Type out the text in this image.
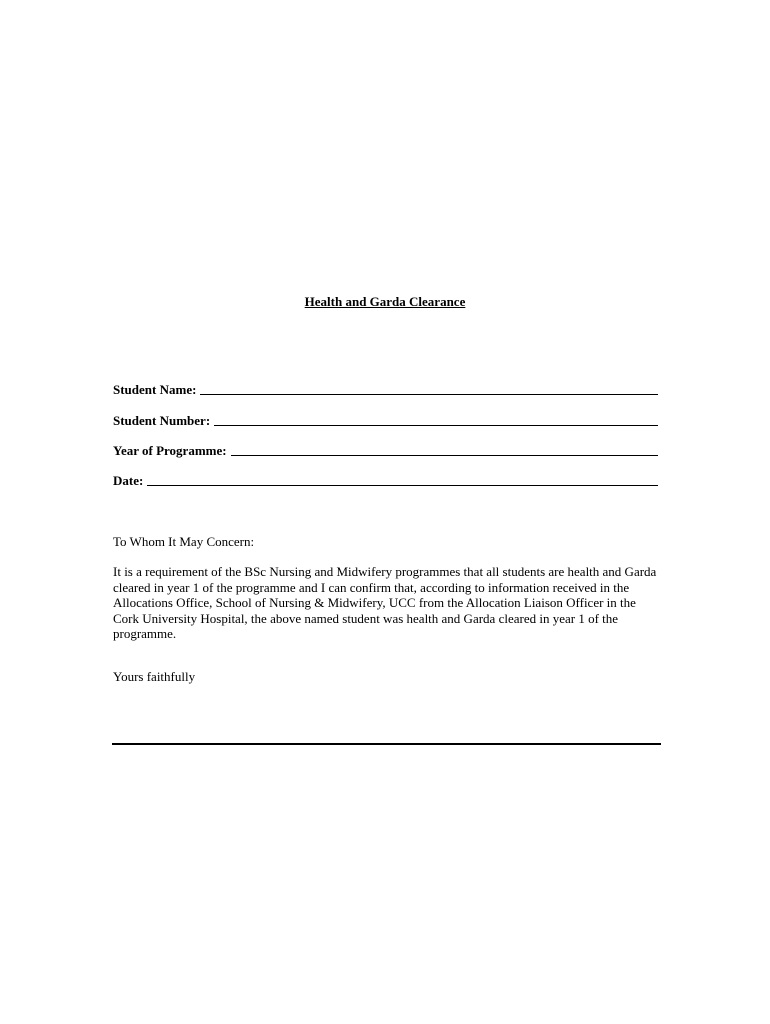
Health and Garda Clearance
Student Name:
Student Number:
Year of Programme:
Date:

To Whom It May Concern:

It is a requirement of the BSc Nursing and Midwifery programmes that all students are health and Garda cleared in year 1 of the programme and I can confirm that, according to information received in the Allocations Office, School of Nursing & Midwifery, UCC from the Allocation Liaison Officer in the Cork University Hospital, the above named student was health and Garda cleared in year 1 of the programme.

Yours faithfully
